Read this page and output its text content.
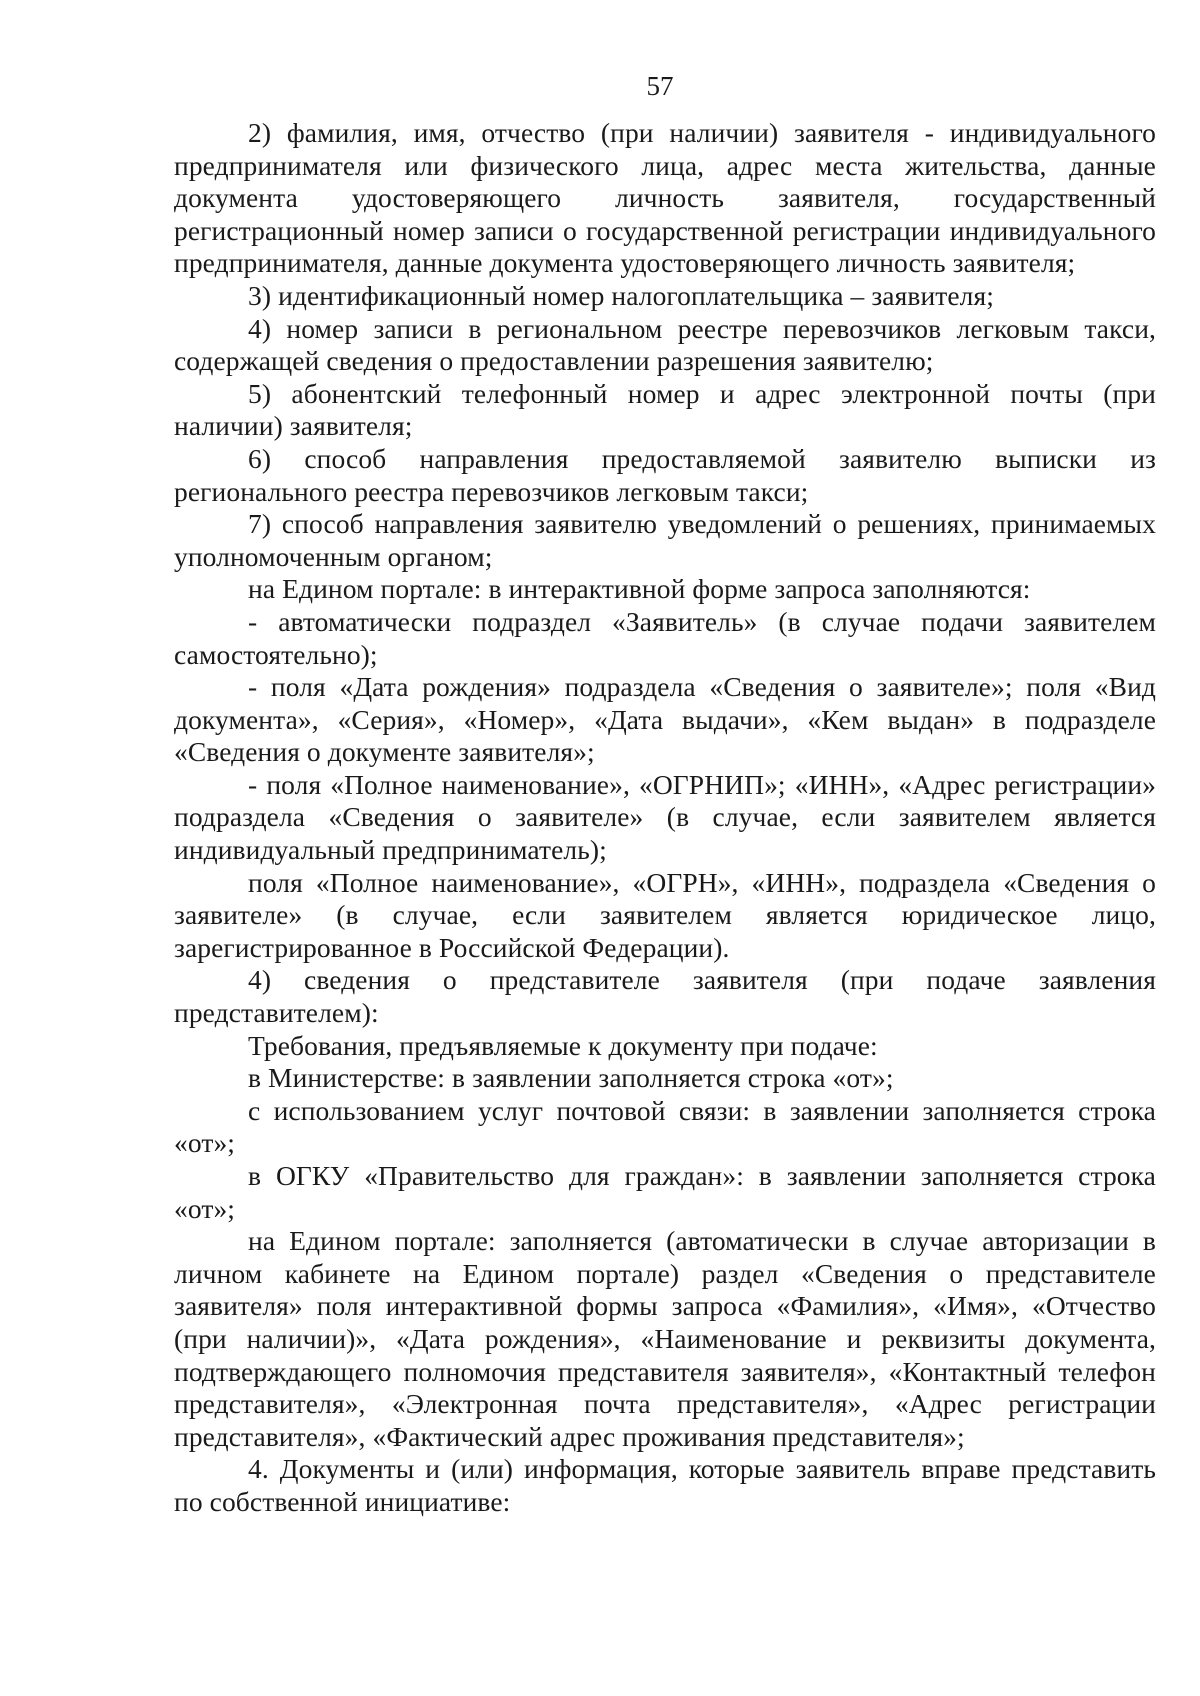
57

2) фамилия, имя, отчество (при наличии) заявителя - индивидуального предпринимателя или физического лица, адрес места жительства, данные документа удостоверяющего личность заявителя, государственный регистрационный номер записи о государственной регистрации индивидуального предпринимателя, данные документа удостоверяющего личность заявителя;

3) идентификационный номер налогоплательщика – заявителя;

4) номер записи в региональном реестре перевозчиков легковым такси, содержащей сведения о предоставлении разрешения заявителю;

5) абонентский телефонный номер и адрес электронной почты (при наличии) заявителя;

6) способ направления предоставляемой заявителю выписки из регионального реестра перевозчиков легковым такси;

7) способ направления заявителю уведомлений о решениях, принимаемых уполномоченным органом;

на Едином портале: в интерактивной форме запроса заполняются:

- автоматически подраздел «Заявитель» (в случае подачи заявителем самостоятельно);

- поля «Дата рождения» подраздела «Сведения о заявителе»; поля «Вид документа», «Серия», «Номер», «Дата выдачи», «Кем выдан» в подразделе «Сведения о документе заявителя»;

- поля «Полное наименование», «ОГРНИП»; «ИНН», «Адрес регистрации» подраздела «Сведения о заявителе» (в случае, если заявителем является индивидуальный предприниматель);

поля «Полное наименование», «ОГРН», «ИНН», подраздела «Сведения о заявителе» (в случае, если заявителем является юридическое лицо, зарегистрированное в Российской Федерации).

4) сведения о представителе заявителя (при подаче заявления представителем):

Требования, предъявляемые к документу при подаче:

в Министерстве: в заявлении заполняется строка «от»;

с использованием услуг почтовой связи: в заявлении заполняется строка «от»;

в ОГКУ «Правительство для граждан»: в заявлении заполняется строка «от»;

на Едином портале: заполняется (автоматически в случае авторизации в личном кабинете на Едином портале) раздел «Сведения о представителе заявителя» поля интерактивной формы запроса «Фамилия», «Имя», «Отчество (при наличии)», «Дата рождения», «Наименование и реквизиты документа, подтверждающего полномочия представителя заявителя», «Контактный телефон представителя», «Электронная почта представителя», «Адрес регистрации представителя», «Фактический адрес проживания представителя»;

4. Документы и (или) информация, которые заявитель вправе представить по собственной инициативе:
